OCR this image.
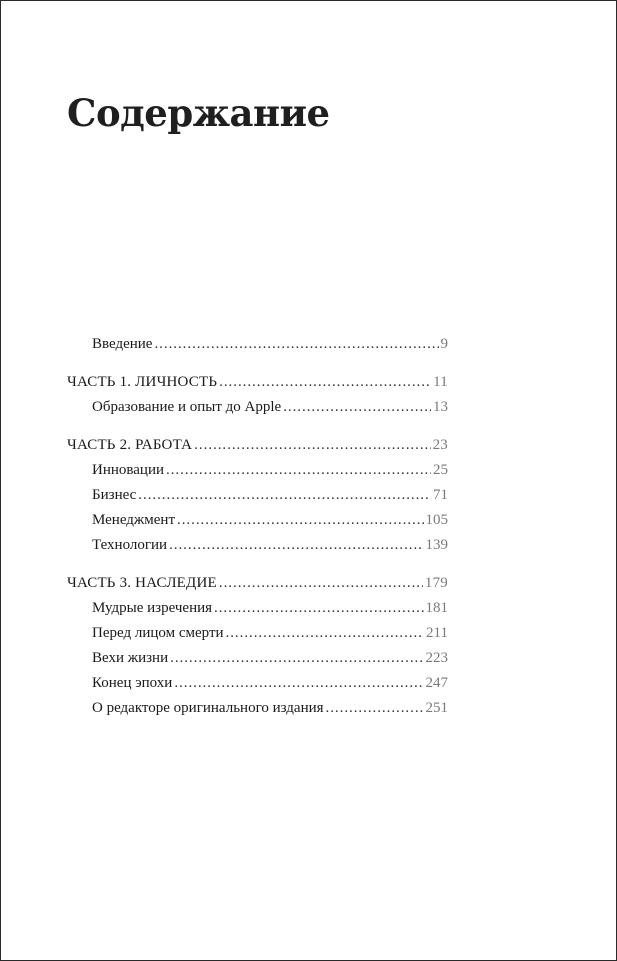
Содержание
Введение . . .	9
ЧАСТЬ 1. ЛИЧНОСТЬ . . .	11
Образование и опыт до Apple . . .	13
ЧАСТЬ 2. РАБОТА . . .	23
Инновации . . .	25
Бизнес . . .	71
Менеджмент . . .	105
Технологии . . .	139
ЧАСТЬ 3. НАСЛЕДИЕ . . .	179
Мудрые изречения . . .	181
Перед лицом смерти . . .	211
Вехи жизни . . .	223
Конец эпохи . . .	247
О редакторе оригинального издания . . .	251
